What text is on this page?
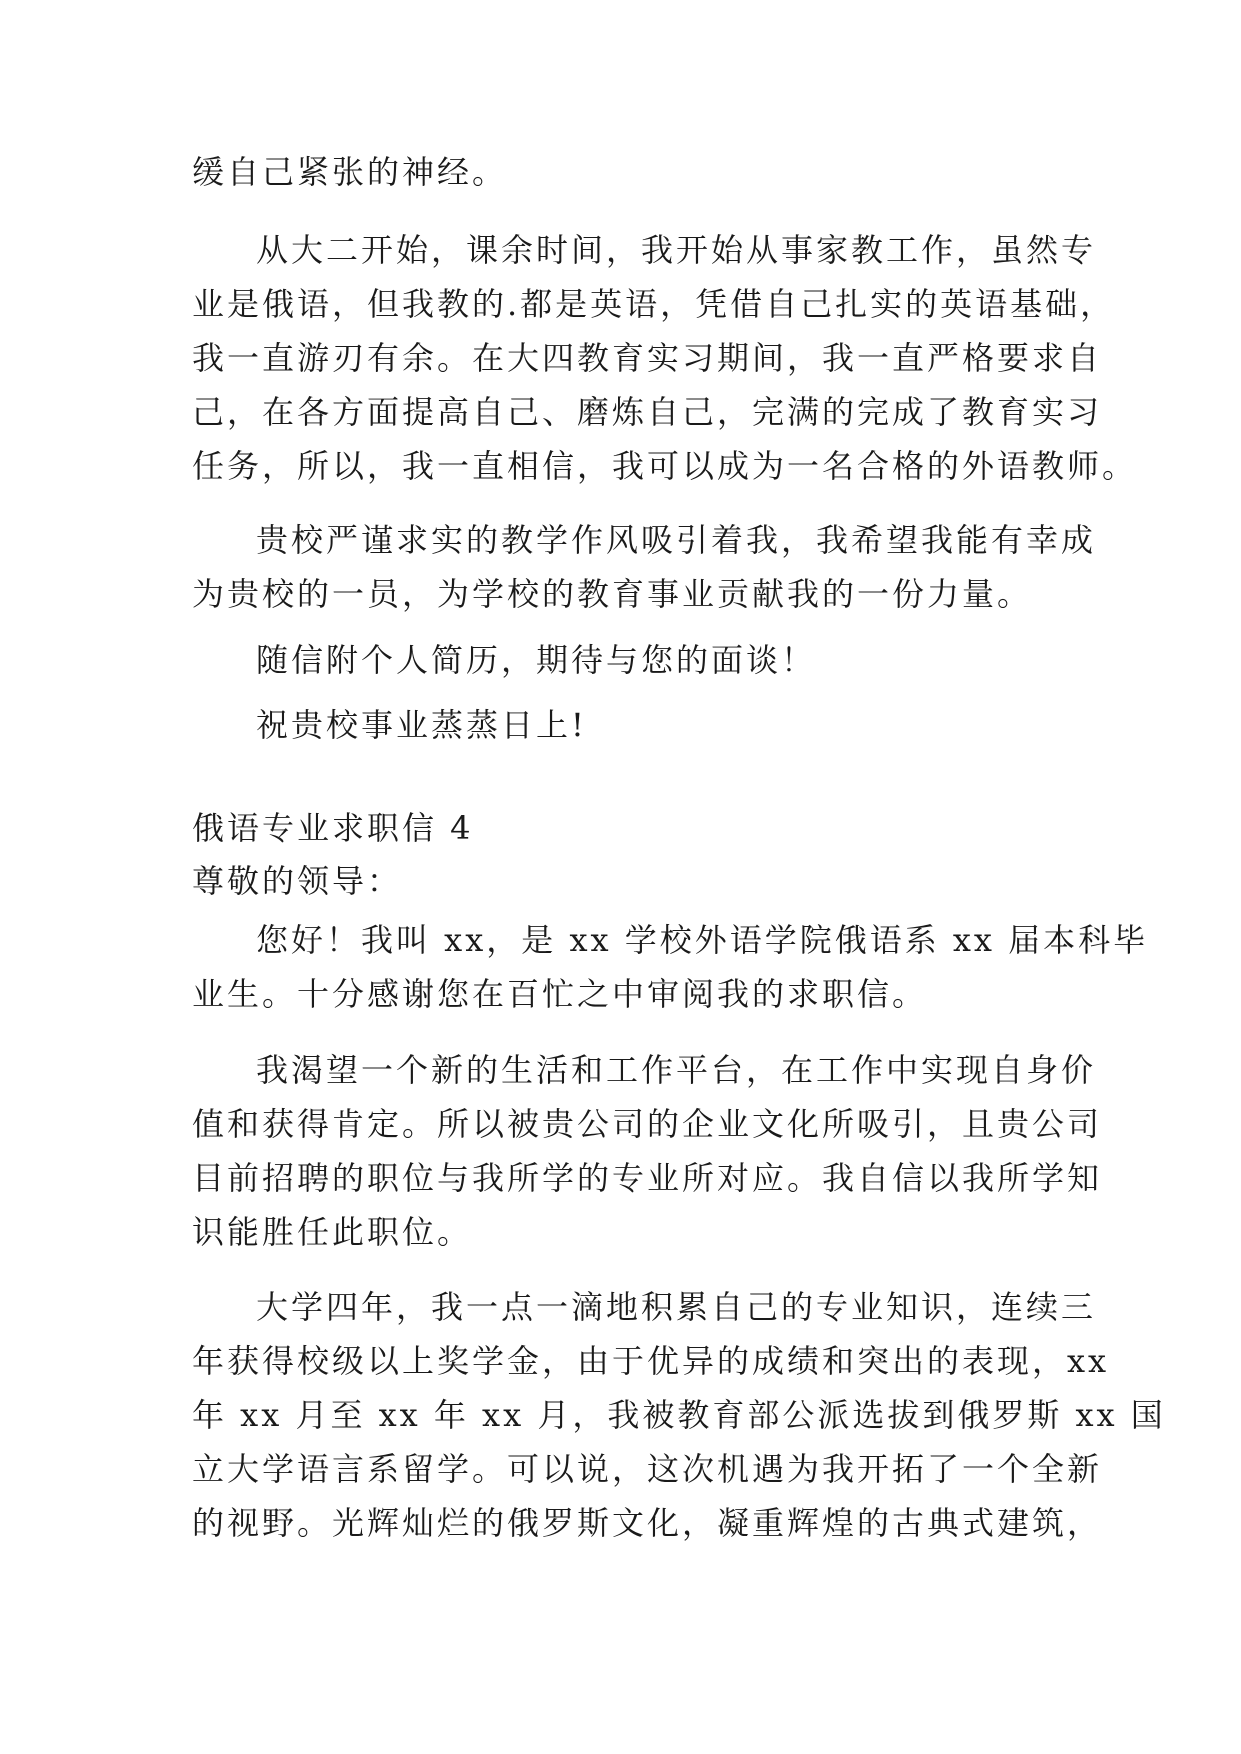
缓自己紧张的神经。
从大二开始，课余时间，我开始从事家教工作，虽然专
业是俄语，但我教的.都是英语，凭借自己扎实的英语基础，
我一直游刃有余。在大四教育实习期间，我一直严格要求自
己，在各方面提高自己、磨炼自己，完满的完成了教育实习
任务，所以，我一直相信，我可以成为一名合格的外语教师。
贵校严谨求实的教学作风吸引着我，我希望我能有幸成
为贵校的一员，为学校的教育事业贡献我的一份力量。
随信附个人简历，期待与您的面谈！
祝贵校事业蒸蒸日上!
俄语专业求职信 4
尊敬的领导：
您好！我叫 xx，是 xx 学校外语学院俄语系 xx 届本科毕
业生。十分感谢您在百忙之中审阅我的求职信。
我渴望一个新的生活和工作平台，在工作中实现自身价
值和获得肯定。所以被贵公司的企业文化所吸引，且贵公司
目前招聘的职位与我所学的专业所对应。我自信以我所学知
识能胜任此职位。
大学四年，我一点一滴地积累自己的专业知识，连续三
年获得校级以上奖学金，由于优异的成绩和突出的表现，xx
年 xx 月至 xx 年 xx 月，我被教育部公派选拔到俄罗斯 xx 国
立大学语言系留学。可以说，这次机遇为我开拓了一个全新
的视野。光辉灿烂的俄罗斯文化，凝重辉煌的古典式建筑，
